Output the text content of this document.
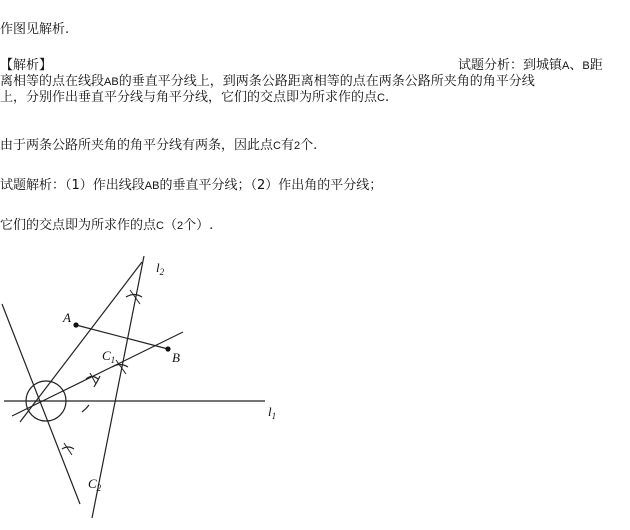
作图见解析.
【解析】	试题分析：到城镇A、B距
离相等的点在线段AB的垂直平分线上，到两条公路距离相等的点在两条公路所夹角的角平分线
上，分别作出垂直平分线与角平分线，它们的交点即为所求作的点C.
由于两条公路所夹角的角平分线有两条，因此点C有2个.
试题解析：（1）作出线段AB的垂直平分线；（2）作出角的平分线；
它们的交点即为所求作的点C（2个）.
$l_2$
$l_1$
A
B
$C_1$
$C_2$
